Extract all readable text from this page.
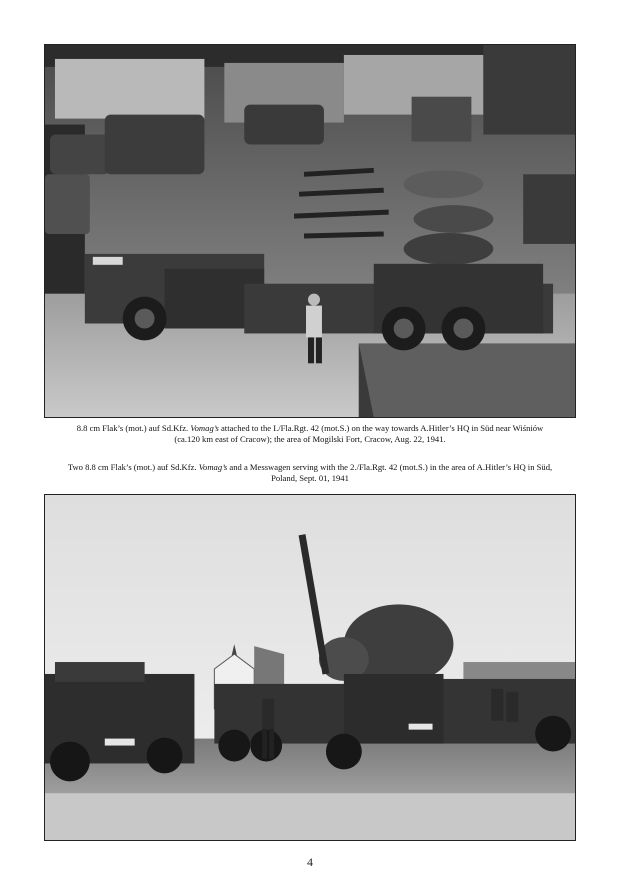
8.8 cm Flak’s (mot.) auf Sd.Kfz. Vomag’s attached to the I./Fla.Rgt. 42 (mot.S.) on the way towards A.Hitler’s HQ in Süd near Wiśniów
(ca.120 km east of Cracow); the area of Mogilski Fort, Cracow, Aug. 22, 1941.
Two 8.8 cm Flak’s (mot.) auf Sd.Kfz. Vomag’s and a Messwagen serving with the 2./Fla.Rgt. 42 (mot.S.) in the area of A.Hitler’s HQ in Süd,
Poland, Sept. 01, 1941
4
